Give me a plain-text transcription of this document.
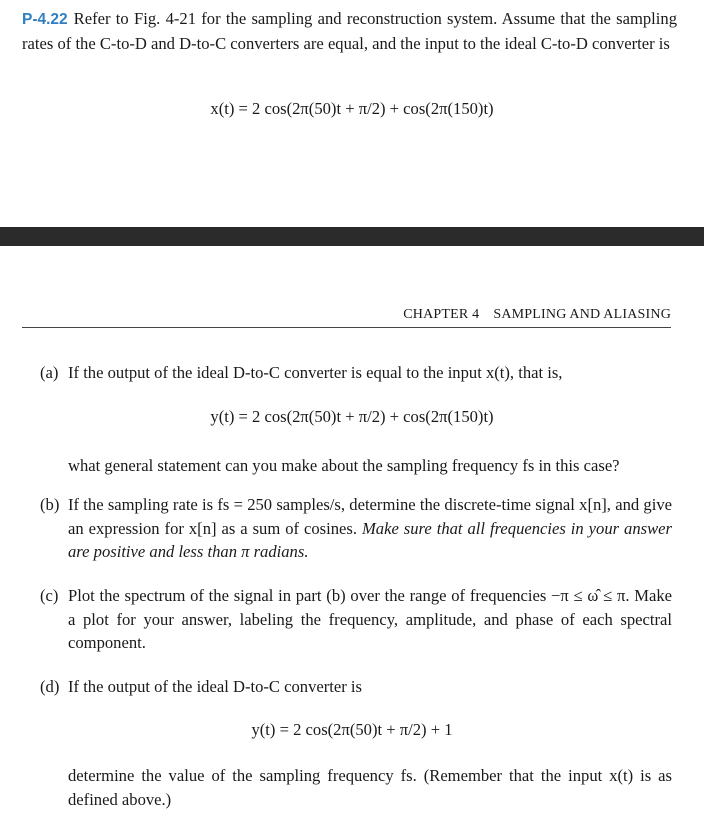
P-4.22 Refer to Fig. 4-21 for the sampling and reconstruction system. Assume that the sampling rates of the C-to-D and D-to-C converters are equal, and the input to the ideal C-to-D converter is
x(t) = 2 cos(2π(50)t + π/2) + cos(2π(150)t)
CHAPTER 4 SAMPLING AND ALIASING
(a) If the output of the ideal D-to-C converter is equal to the input x(t), that is,
y(t) = 2 cos(2π(50)t + π/2) + cos(2π(150)t)
what general statement can you make about the sampling frequency fs in this case?
(b) If the sampling rate is fs = 250 samples/s, determine the discrete-time signal x[n], and give an expression for x[n] as a sum of cosines. Make sure that all frequencies in your answer are positive and less than π radians.
(c) Plot the spectrum of the signal in part (b) over the range of frequencies −π ≤ ω̂ ≤ π. Make a plot for your answer, labeling the frequency, amplitude, and phase of each spectral component.
(d) If the output of the ideal D-to-C converter is
y(t) = 2 cos(2π(50)t + π/2) + 1
determine the value of the sampling frequency fs. (Remember that the input x(t) is as defined above.)
